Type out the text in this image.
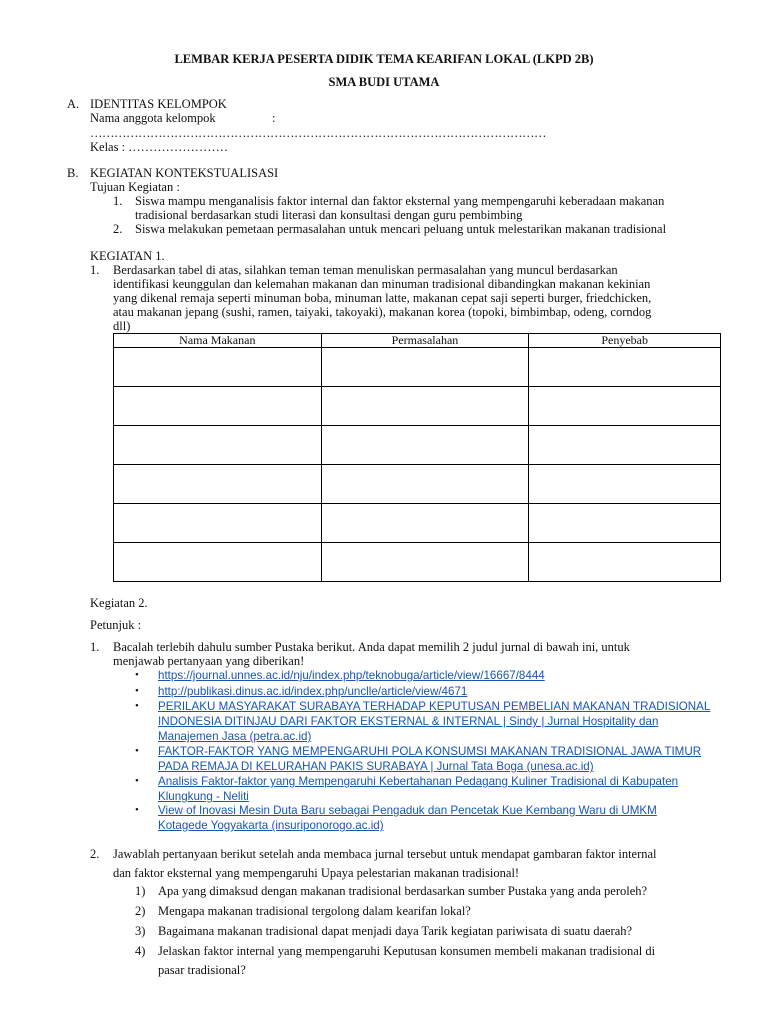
LEMBAR KERJA PESERTA DIDIK TEMA KEARIFAN LOKAL (LKPD 2B)
SMA BUDI UTAMA
A. IDENTITAS KELOMPOK
Nama anggota kelompok	:
……………………………………………………………………………………………………
Kelas : ……………………
B. KEGIATAN KONTEKSTUALISASI
Tujuan Kegiatan :
1. Siswa mampu menganalisis faktor internal dan faktor eksternal yang mempengaruhi keberadaan makanan
tradisional berdasarkan studi literasi dan konsultasi dengan guru pembimbing
2. Siswa melakukan pemetaan permasalahan untuk mencari peluang untuk melestarikan makanan tradisional
KEGIATAN 1.
1. Berdasarkan tabel di atas, silahkan teman teman menuliskan permasalahan yang muncul berdasarkan
identifikasi keunggulan dan kelemahan makanan dan minuman tradisional dibandingkan makanan kekinian
yang dikenal remaja seperti minuman boba, minuman latte, makanan cepat saji seperti burger, friedchicken,
atau makanan jepang (sushi, ramen, taiyaki, takoyaki), makanan korea (topoki, bimbimbap, odeng, corndog
dll)
Nama Makanan	Permasalahan	Penyebab

Kegiatan 2.
Petunjuk :
1. Bacalah terlebih dahulu sumber Pustaka berikut. Anda dapat memilih 2 judul jurnal di bawah ini, untuk
menjawab pertanyaan yang diberikan!
• https://journal.unnes.ac.id/nju/index.php/teknobuga/article/view/16667/8444
• http://publikasi.dinus.ac.id/index.php/unclle/article/view/4671
• PERILAKU MASYARAKAT SURABAYA TERHADAP KEPUTUSAN PEMBELIAN MAKANAN TRADISIONAL
INDONESIA DITINJAU DARI FAKTOR EKSTERNAL & INTERNAL | Sindy | Jurnal Hospitality dan
Manajemen Jasa (petra.ac.id)
• FAKTOR-FAKTOR YANG MEMPENGARUHI POLA KONSUMSI MAKANAN TRADISIONAL JAWA TIMUR
PADA REMAJA DI KELURAHAN PAKIS SURABAYA | Jurnal Tata Boga (unesa.ac.id)
• Analisis Faktor-faktor yang Mempengaruhi Kebertahanan Pedagang Kuliner Tradisional di Kabupaten
Klungkung - Neliti
• View of Inovasi Mesin Duta Baru sebagai Pengaduk dan Pencetak Kue Kembang Waru di UMKM
Kotagede Yogyakarta (insuriponorogo.ac.id)
2. Jawablah pertanyaan berikut setelah anda membaca jurnal tersebut untuk mendapat gambaran faktor internal
dan faktor eksternal yang mempengaruhi Upaya pelestarian makanan tradisional!
1) Apa yang dimaksud dengan makanan tradisional berdasarkan sumber Pustaka yang anda peroleh?
2) Mengapa makanan tradisional tergolong dalam kearifan lokal?
3) Bagaimana makanan tradisional dapat menjadi daya Tarik kegiatan pariwisata di suatu daerah?
4) Jelaskan faktor internal yang mempengaruhi Keputusan konsumen membeli makanan tradisional di
pasar tradisional?
